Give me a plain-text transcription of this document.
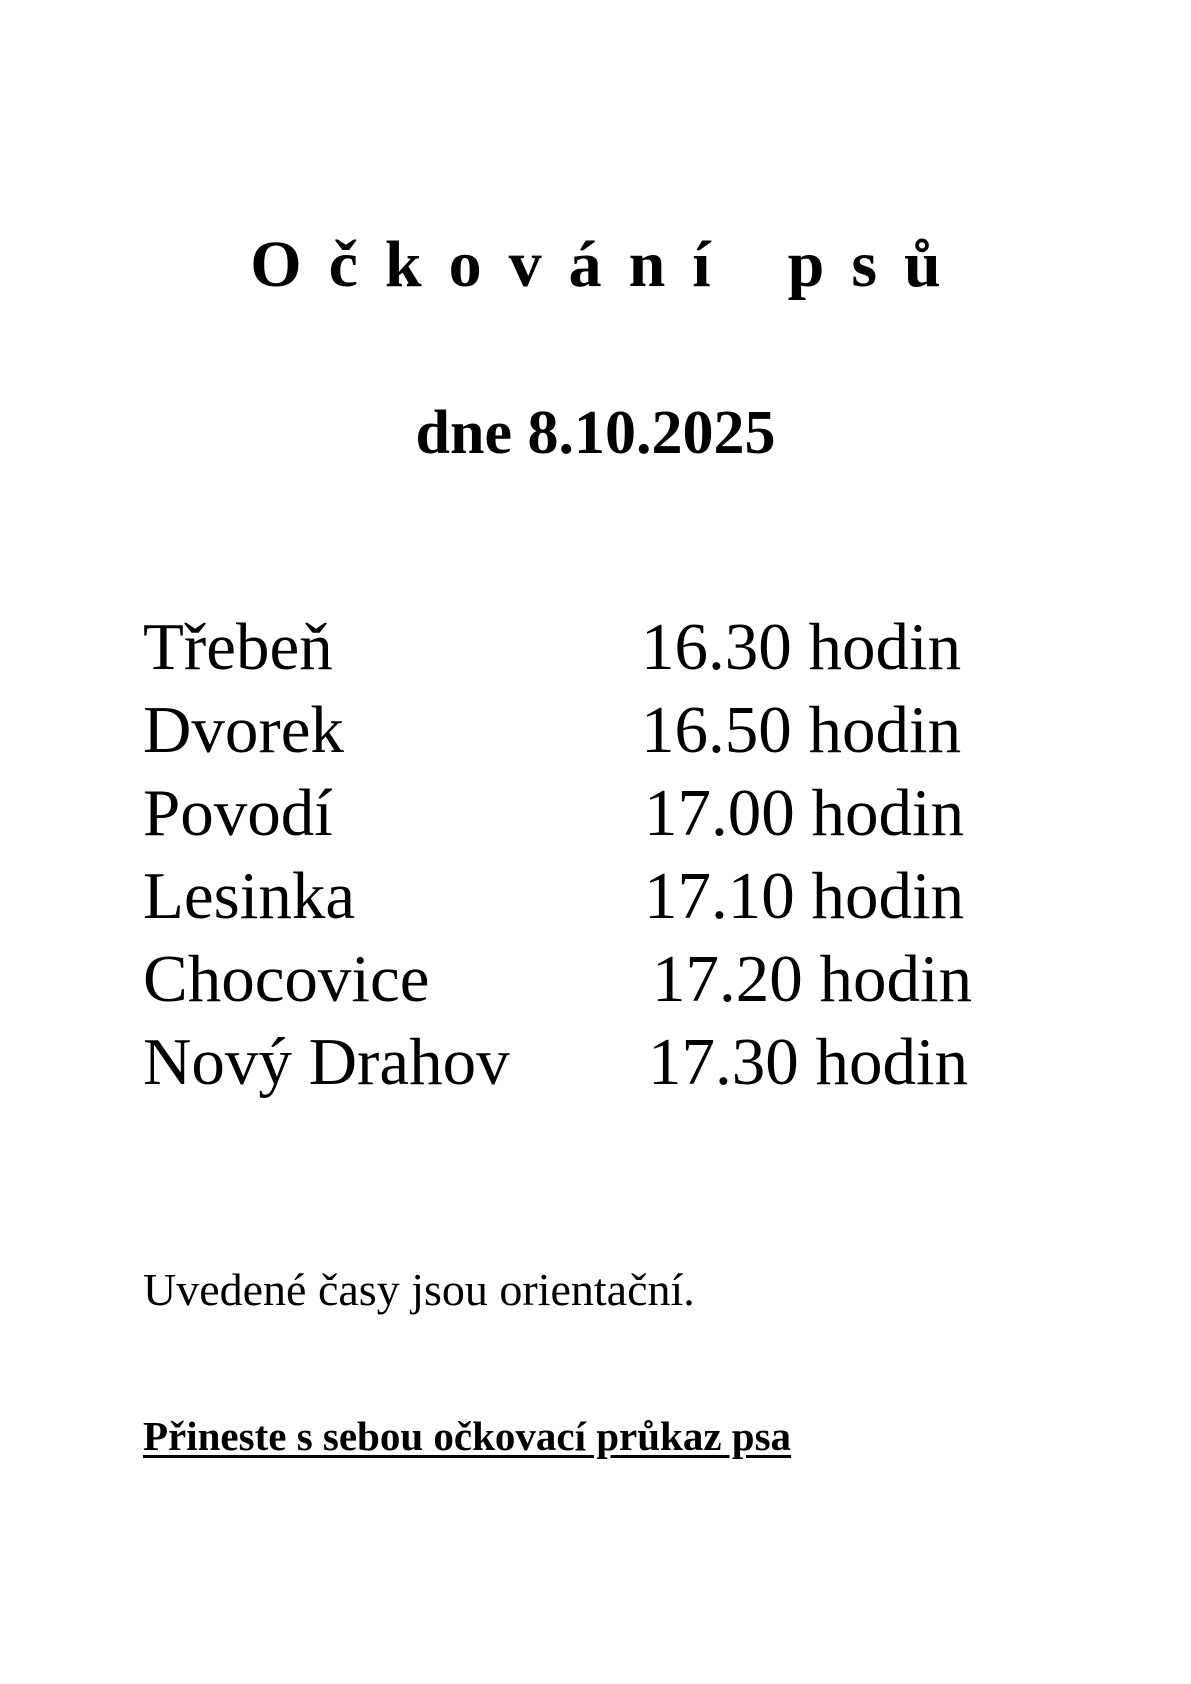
Očkování psů
dne 8.10.2025
Třebeň	16.30 hodin
Dvorek	16.50 hodin
Povodí	17.00 hodin
Lesinka	17.10 hodin
Chocovice	17.20 hodin
Nový Drahov 17.30 hodin
Uvedené časy jsou orientační.
Přineste s sebou očkovací průkaz psa
